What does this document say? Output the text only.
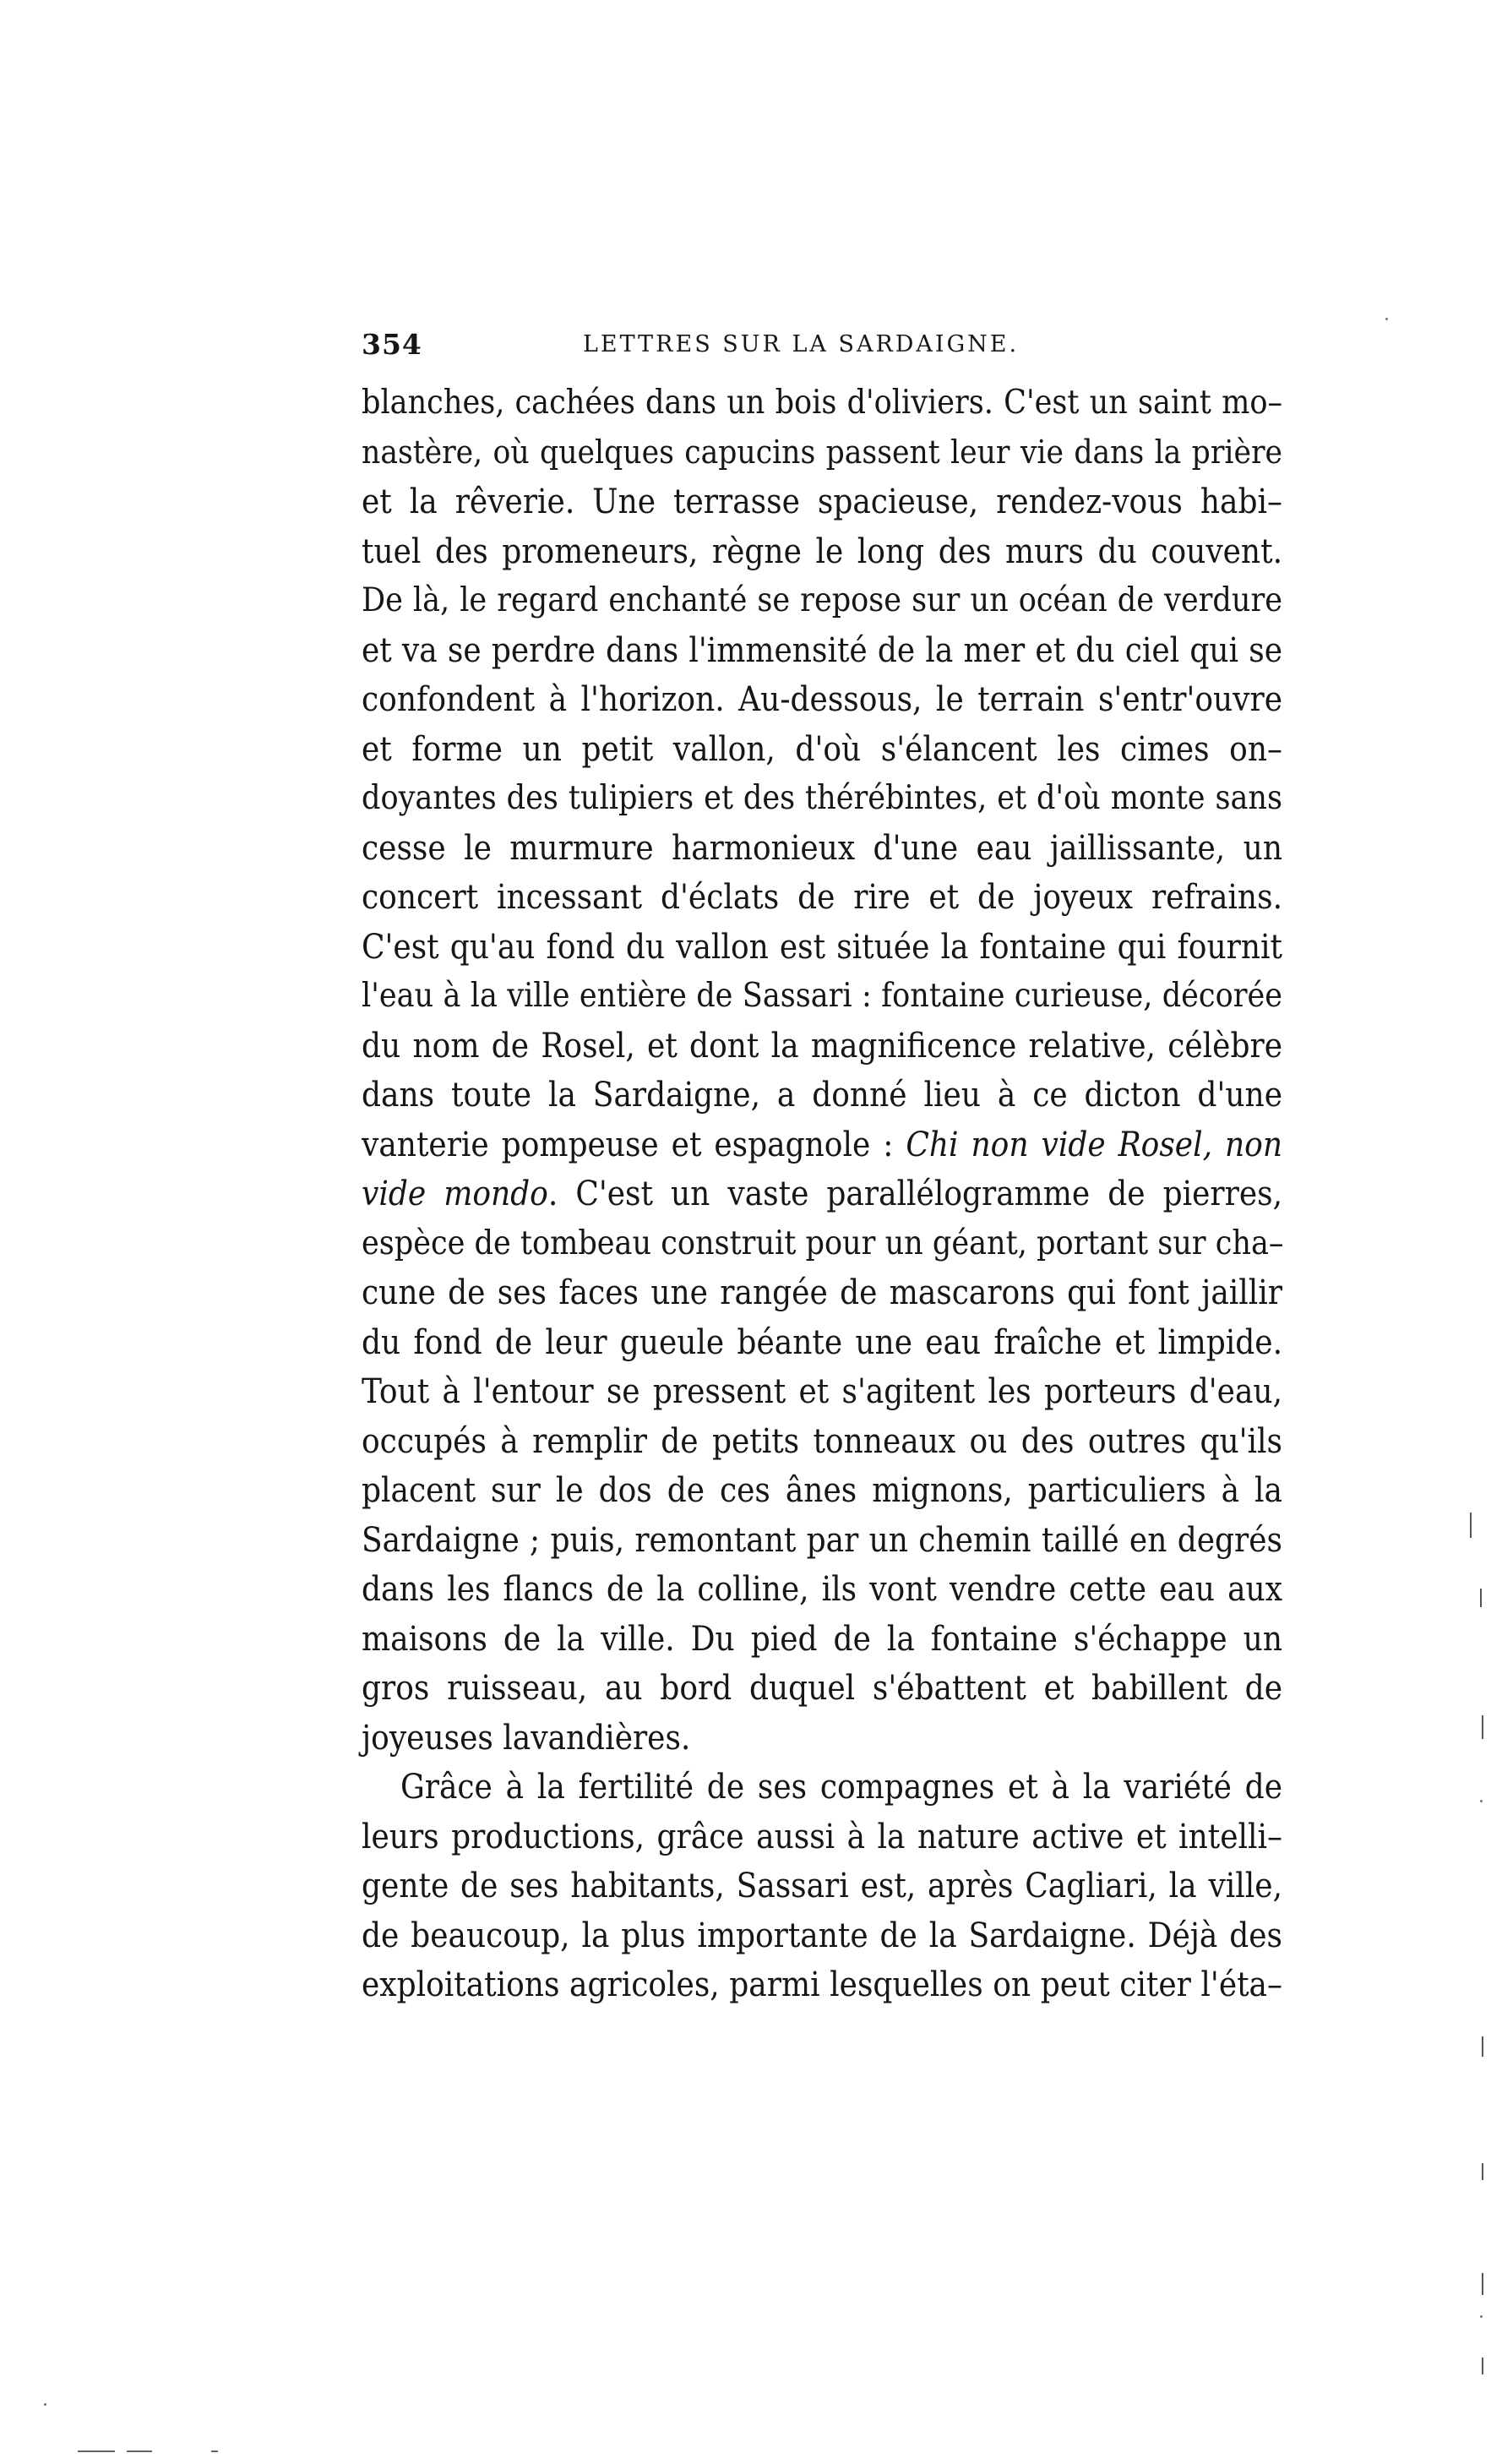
354	LETTRES SUR LA SARDAIGNE.
blanches, cachées dans un bois d'oliviers. C'est un saint mo–
nastère, où quelques capucins passent leur vie dans la prière
et la rêverie. Une terrasse spacieuse, rendez-vous habi–
tuel des promeneurs, règne le long des murs du couvent.
De là, le regard enchanté se repose sur un océan de verdure
et va se perdre dans l'immensité de la mer et du ciel qui se
confondent à l'horizon. Au-dessous, le terrain s'entr'ouvre
et forme un petit vallon, d'où s'élancent les cimes on–
doyantes des tulipiers et des thérébintes, et d'où monte sans
cesse le murmure harmonieux d'une eau jaillissante, un
concert incessant d'éclats de rire et de joyeux refrains.
C'est qu'au fond du vallon est située la fontaine qui fournit
l'eau à la ville entière de Sassari : fontaine curieuse, décorée
du nom de Rosel, et dont la magnificence relative, célèbre
dans toute la Sardaigne, a donné lieu à ce dicton d'une
vanterie pompeuse et espagnole : Chi non vide Rosel, non
vide mondo. C'est un vaste parallélogramme de pierres,
espèce de tombeau construit pour un géant, portant sur cha–
cune de ses faces une rangée de mascarons qui font jaillir
du fond de leur gueule béante une eau fraîche et limpide.
Tout à l'entour se pressent et s'agitent les porteurs d'eau,
occupés à remplir de petits tonneaux ou des outres qu'ils
placent sur le dos de ces ânes mignons, particuliers à la
Sardaigne ; puis, remontant par un chemin taillé en degrés
dans les flancs de la colline, ils vont vendre cette eau aux
maisons de la ville. Du pied de la fontaine s'échappe un
gros ruisseau, au bord duquel s'ébattent et babillent de
joyeuses lavandières.
Grâce à la fertilité de ses compagnes et à la variété de
leurs productions, grâce aussi à la nature active et intelli–
gente de ses habitants, Sassari est, après Cagliari, la ville,
de beaucoup, la plus importante de la Sardaigne. Déjà des
exploitations agricoles, parmi lesquelles on peut citer l'éta–
